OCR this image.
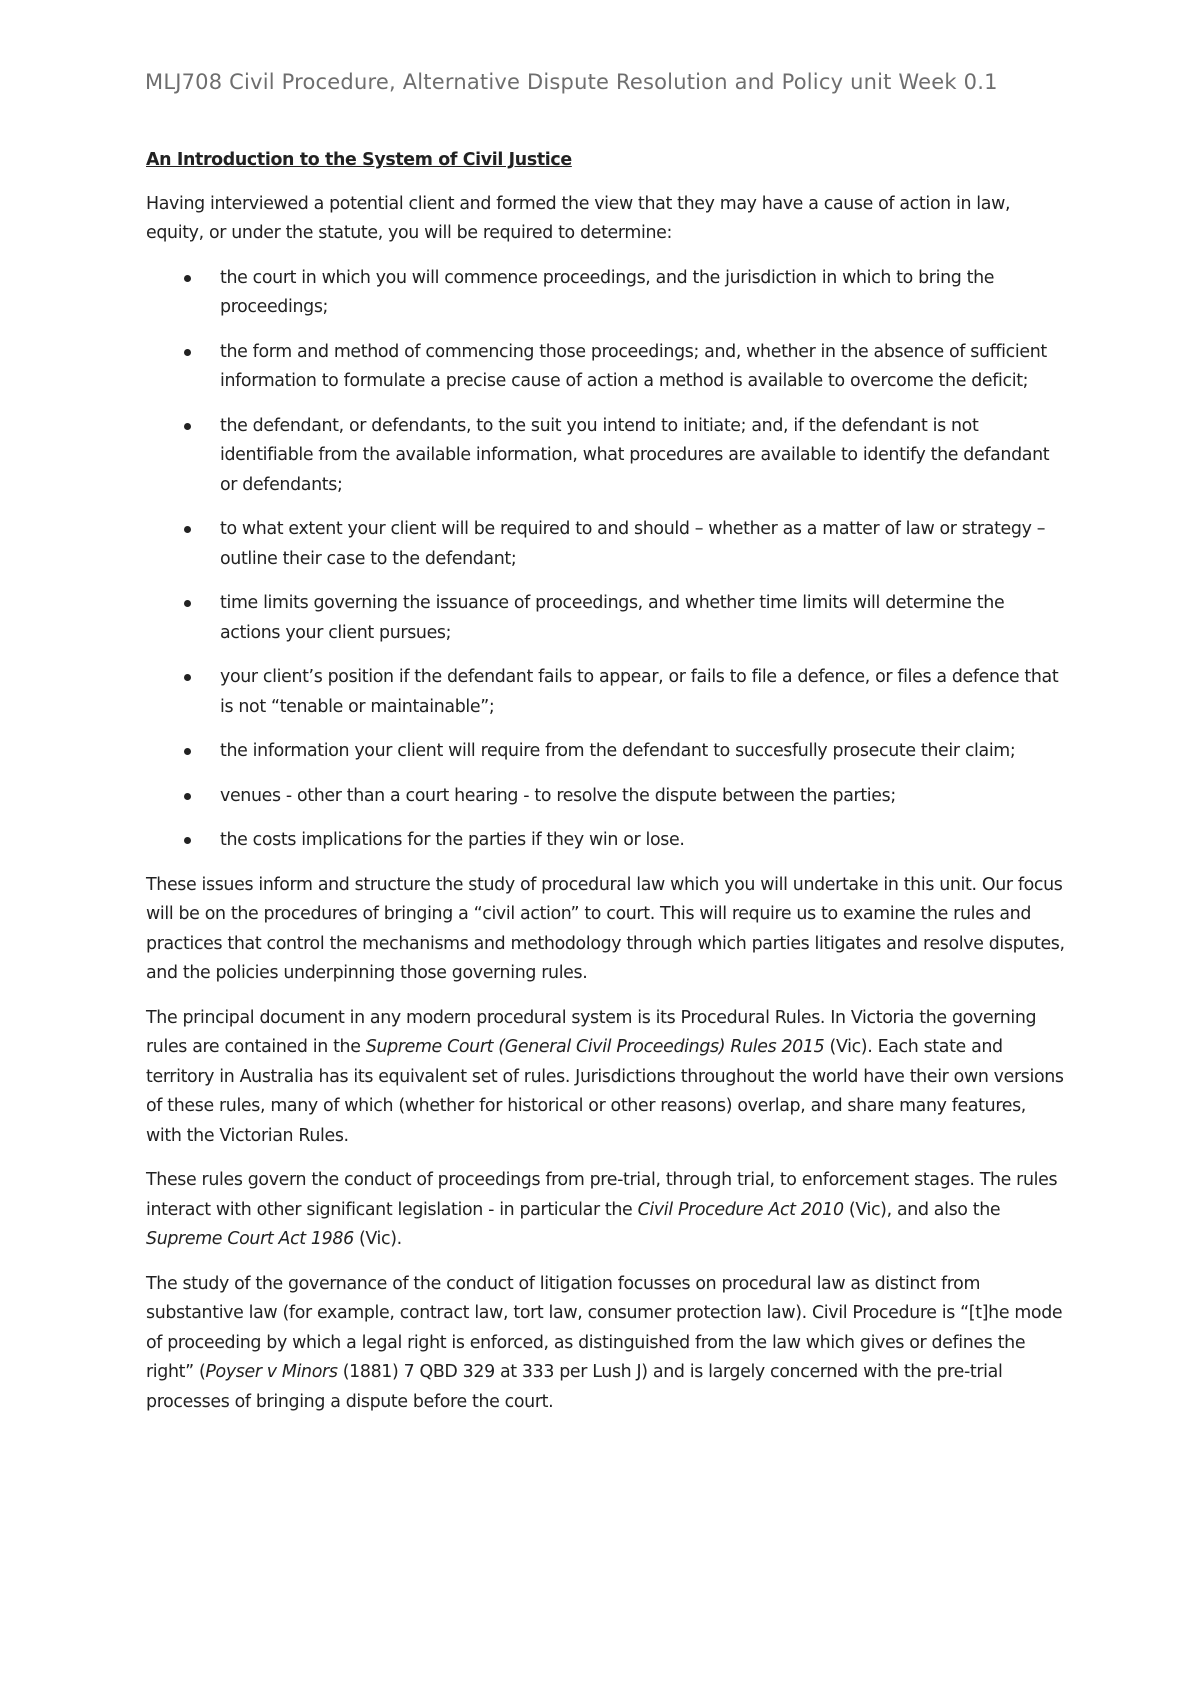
MLJ708 Civil Procedure, Alternative Dispute Resolution and Policy unit Week 0.1
An Introduction to the System of Civil Justice

Having interviewed a potential client and formed the view that they may have a cause of action in law, equity, or under the statute, you will be required to determine:

the court in which you will commence proceedings, and the jurisdiction in which to bring the proceedings;
the form and method of commencing those proceedings; and, whether in the absence of sufficient information to formulate a precise cause of action a method is available to overcome the deficit;
the defendant, or defendants, to the suit you intend to initiate; and, if the defendant is not identifiable from the available information, what procedures are available to identify the defandant or defendants;
to what extent your client will be required to and should – whether as a matter of law or strategy – outline their case to the defendant;
time limits governing the issuance of proceedings, and whether time limits will determine the actions your client pursues;
your client’s position if the defendant fails to appear, or fails to file a defence, or files a defence that is not “tenable or maintainable”;
the information your client will require from the defendant to succesfully prosecute their claim;
venues - other than a court hearing - to resolve the dispute between the parties;
the costs implications for the parties if they win or lose.

These issues inform and structure the study of procedural law which you will undertake in this unit. Our focus will be on the procedures of bringing a “civil action” to court. This will require us to examine the rules and practices that control the mechanisms and methodology through which parties litigates and resolve disputes, and the policies underpinning those governing rules.

The principal document in any modern procedural system is its Procedural Rules. In Victoria the governing rules are contained in the Supreme Court (General Civil Proceedings) Rules 2015 (Vic). Each state and territory in Australia has its equivalent set of rules. Jurisdictions throughout the world have their own versions of these rules, many of which (whether for historical or other reasons) overlap, and share many features, with the Victorian Rules.

These rules govern the conduct of proceedings from pre-trial, through trial, to enforcement stages. The rules interact with other significant legislation - in particular the Civil Procedure Act 2010 (Vic), and also the Supreme Court Act 1986 (Vic).

The study of the governance of the conduct of litigation focusses on procedural law as distinct from substantive law (for example, contract law, tort law, consumer protection law). Civil Procedure is “[t]he mode of proceeding by which a legal right is enforced, as distinguished from the law which gives or defines the right” (Poyser v Minors (1881) 7 QBD 329 at 333 per Lush J) and is largely concerned with the pre-trial processes of bringing a dispute before the court.
